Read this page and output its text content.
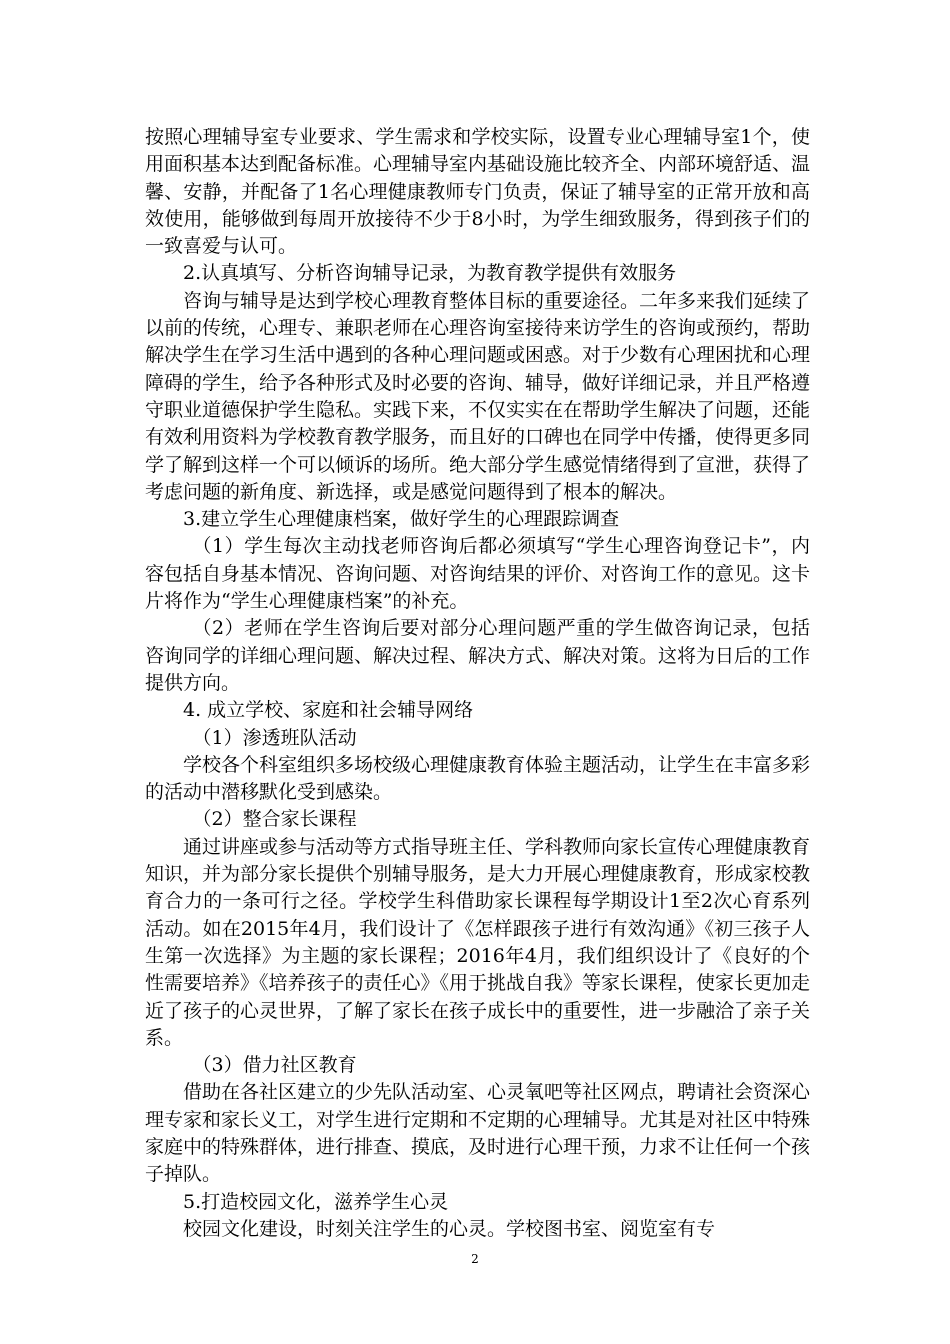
按照心理辅导室专业要求、学生需求和学校实际，设置专业心理辅导室1个，使用面积基本达到配备标准。心理辅导室内基础设施比较齐全、内部环境舒适、温馨、安静，并配备了1名心理健康教师专门负责，保证了辅导室的正常开放和高效使用，能够做到每周开放接待不少于8小时，为学生细致服务，得到孩子们的一致喜爱与认可。

2.认真填写、分析咨询辅导记录，为教育教学提供有效服务

咨询与辅导是达到学校心理教育整体目标的重要途径。二年多来我们延续了以前的传统，心理专、兼职老师在心理咨询室接待来访学生的咨询或预约，帮助解决学生在学习生活中遇到的各种心理问题或困惑。对于少数有心理困扰和心理障碍的学生，给予各种形式及时必要的咨询、辅导，做好详细记录，并且严格遵守职业道德保护学生隐私。实践下来，不仅实实在在帮助学生解决了问题，还能有效利用资料为学校教育教学服务，而且好的口碑也在同学中传播，使得更多同学了解到这样一个可以倾诉的场所。绝大部分学生感觉情绪得到了宣泄，获得了考虑问题的新角度、新选择，或是感觉问题得到了根本的解决。

3.建立学生心理健康档案，做好学生的心理跟踪调查

（1）学生每次主动找老师咨询后都必须填写“学生心理咨询登记卡”，内容包括自身基本情况、咨询问题、对咨询结果的评价、对咨询工作的意见。这卡片将作为“学生心理健康档案”的补充。

（2）老师在学生咨询后要对部分心理问题严重的学生做咨询记录，包括咨询同学的详细心理问题、解决过程、解决方式、解决对策。这将为日后的工作提供方向。

4. 成立学校、家庭和社会辅导网络

（1）渗透班队活动

学校各个科室组织多场校级心理健康教育体验主题活动，让学生在丰富多彩的活动中潜移默化受到感染。

（2）整合家长课程

通过讲座或参与活动等方式指导班主任、学科教师向家长宣传心理健康教育知识，并为部分家长提供个别辅导服务，是大力开展心理健康教育，形成家校教育合力的一条可行之径。学校学生科借助家长课程每学期设计1至2次心育系列活动。如在2015年4月，我们设计了《怎样跟孩子进行有效沟通》《初三孩子人生第一次选择》为主题的家长课程；2016年4月，我们组织设计了《良好的个性需要培养》《培养孩子的责任心》《用于挑战自我》等家长课程，使家长更加走近了孩子的心灵世界，了解了家长在孩子成长中的重要性，进一步融洽了亲子关系。

（3）借力社区教育

借助在各社区建立的少先队活动室、心灵氧吧等社区网点，聘请社会资深心理专家和家长义工，对学生进行定期和不定期的心理辅导。尤其是对社区中特殊家庭中的特殊群体，进行排查、摸底，及时进行心理干预，力求不让任何一个孩子掉队。

5.打造校园文化，滋养学生心灵

校园文化建设，时刻关注学生的心灵。学校图书室、阅览室有专

2
